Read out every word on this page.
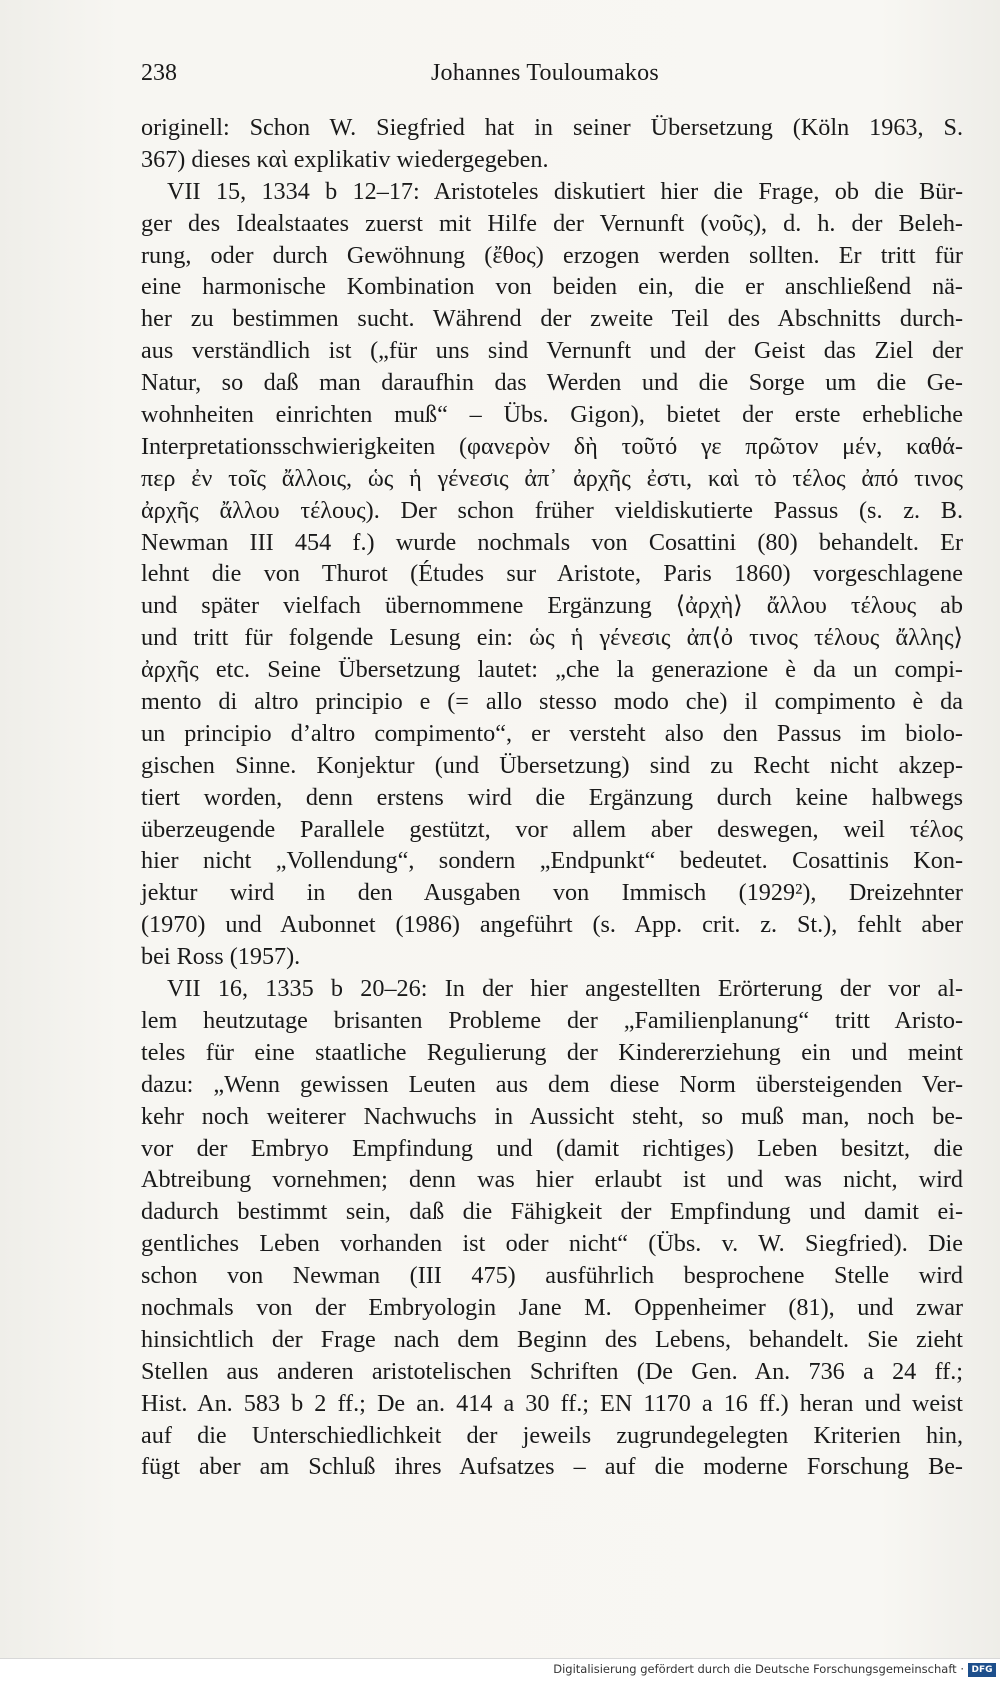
238	Johannes Touloumakos
originell: Schon W. Siegfried hat in seiner Übersetzung (Köln 1963, S.
367) dieses καὶ explikativ wiedergegeben.
VII 15, 1334 b 12–17: Aristoteles diskutiert hier die Frage, ob die Bür-
ger des Idealstaates zuerst mit Hilfe der Vernunft (νοῦς), d. h. der Beleh-
rung, oder durch Gewöhnung (ἔθος) erzogen werden sollten. Er tritt für
eine harmonische Kombination von beiden ein, die er anschließend nä-
her zu bestimmen sucht. Während der zweite Teil des Abschnitts durch-
aus verständlich ist („für uns sind Vernunft und der Geist das Ziel der
Natur, so daß man daraufhin das Werden und die Sorge um die Ge-
wohnheiten einrichten muß“ – Übs. Gigon), bietet der erste erhebliche
Interpretationsschwierigkeiten (φανερὸν δὴ τοῦτό γε πρῶτον μέν, καθά-
περ ἐν τοῖς ἄλλοις, ὡς ἡ γένεσις ἀπ᾽ ἀρχῆς ἐστι, καὶ τὸ τέλος ἀπό τινος
ἀρχῆς ἄλλου τέλους). Der schon früher vieldiskutierte Passus (s. z. B.
Newman III 454 f.) wurde nochmals von Cosattini (80) behandelt. Er
lehnt die von Thurot (Études sur Aristote, Paris 1860) vorgeschlagene
und später vielfach übernommene Ergänzung ⟨ἀρχὴ⟩ ἄλλου τέλους ab
und tritt für folgende Lesung ein: ὡς ἡ γένεσις ἀπ⟨ὀ τινος τέλους ἄλλης⟩
ἀρχῆς etc. Seine Übersetzung lautet: „che la generazione è da un compi-
mento di altro principio e (= allo stesso modo che) il compimento è da
un principio d’altro compimento“, er versteht also den Passus im biolo-
gischen Sinne. Konjektur (und Übersetzung) sind zu Recht nicht akzep-
tiert worden, denn erstens wird die Ergänzung durch keine halbwegs
überzeugende Parallele gestützt, vor allem aber deswegen, weil τέλος
hier nicht „Vollendung“, sondern „Endpunkt“ bedeutet. Cosattinis Kon-
jektur wird in den Ausgaben von Immisch (1929²), Dreizehnter
(1970) und Aubonnet (1986) angeführt (s. App. crit. z. St.), fehlt aber
bei Ross (1957).
VII 16, 1335 b 20–26: In der hier angestellten Erörterung der vor al-
lem heutzutage brisanten Probleme der „Familienplanung“ tritt Aristo-
teles für eine staatliche Regulierung der Kindererziehung ein und meint
dazu: „Wenn gewissen Leuten aus dem diese Norm übersteigenden Ver-
kehr noch weiterer Nachwuchs in Aussicht steht, so muß man, noch be-
vor der Embryo Empfindung und (damit richtiges) Leben besitzt, die
Abtreibung vornehmen; denn was hier erlaubt ist und was nicht, wird
dadurch bestimmt sein, daß die Fähigkeit der Empfindung und damit ei-
gentliches Leben vorhanden ist oder nicht“ (Übs. v. W. Siegfried). Die
schon von Newman (III 475) ausführlich besprochene Stelle wird
nochmals von der Embryologin Jane M. Oppenheimer (81), und zwar
hinsichtlich der Frage nach dem Beginn des Lebens, behandelt. Sie zieht
Stellen aus anderen aristotelischen Schriften (De Gen. An. 736 a 24 ff.;
Hist. An. 583 b 2 ff.; De an. 414 a 30 ff.; EN 1170 a 16 ff.) heran und weist
auf die Unterschiedlichkeit der jeweils zugrundegelegten Kriterien hin,
fügt aber am Schluß ihres Aufsatzes – auf die moderne Forschung Be-
Digitalisierung gefördert durch die Deutsche Forschungsgemeinschaft · DFG
